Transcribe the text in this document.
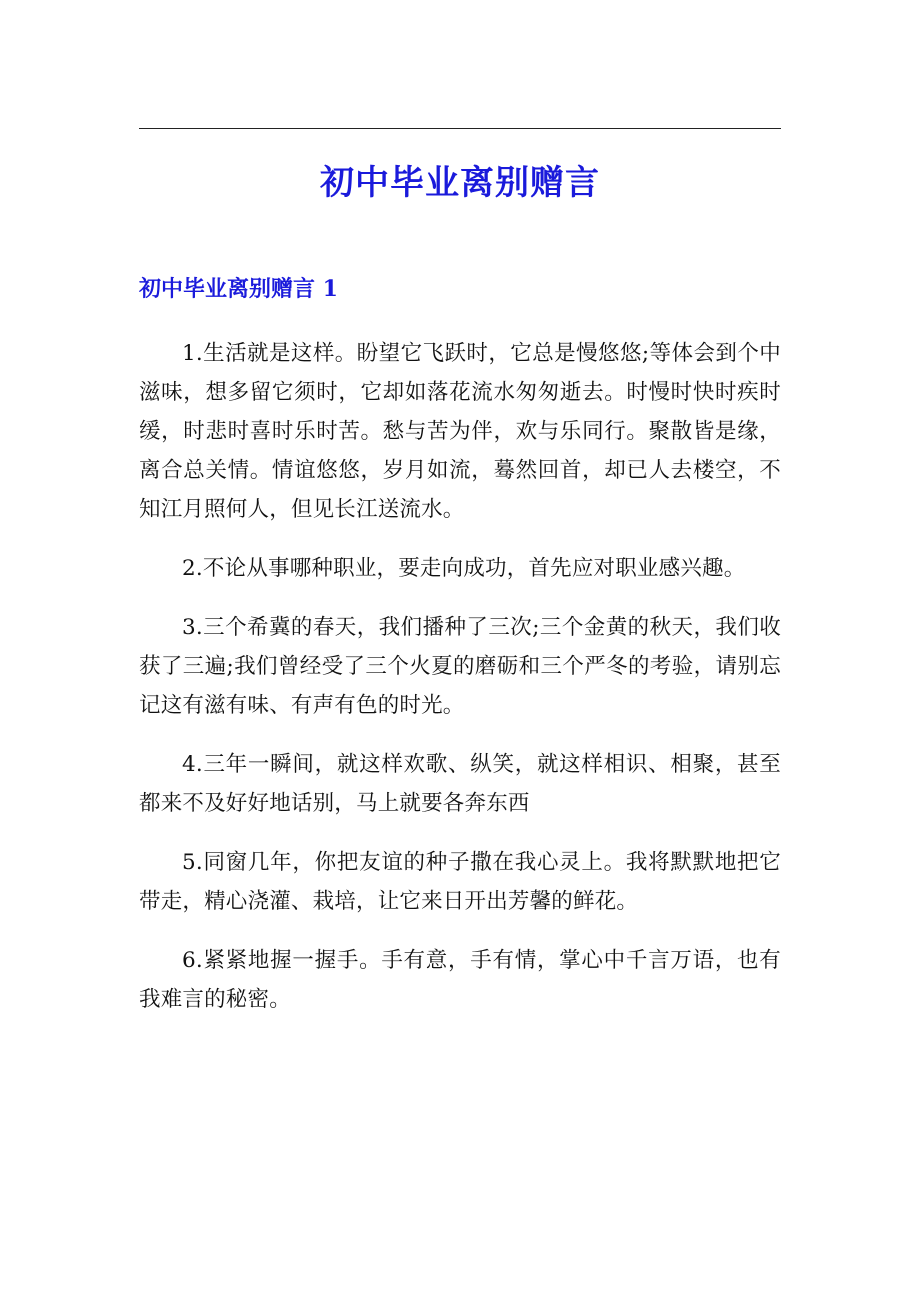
初中毕业离别赠言
初中毕业离别赠言 1

1.生活就是这样。盼望它飞跃时，它总是慢悠悠;等体会到个中滋味，想多留它须时，它却如落花流水匆匆逝去。时慢时快时疾时缓，时悲时喜时乐时苦。愁与苦为伴，欢与乐同行。聚散皆是缘，离合总关情。情谊悠悠，岁月如流，蓦然回首，却已人去楼空，不知江月照何人，但见长江送流水。

2.不论从事哪种职业，要走向成功，首先应对职业感兴趣。

3.三个希冀的春天，我们播种了三次;三个金黄的秋天，我们收获了三遍;我们曾经受了三个火夏的磨砺和三个严冬的考验，请别忘记这有滋有味、有声有色的时光。

4.三年一瞬间，就这样欢歌、纵笑，就这样相识、相聚，甚至都来不及好好地话别，马上就要各奔东西

5.同窗几年，你把友谊的种子撒在我心灵上。我将默默地把它带走，精心浇灌、栽培，让它来日开出芳馨的鲜花。

6.紧紧地握一握手。手有意，手有情，掌心中千言万语，也有我难言的秘密。
